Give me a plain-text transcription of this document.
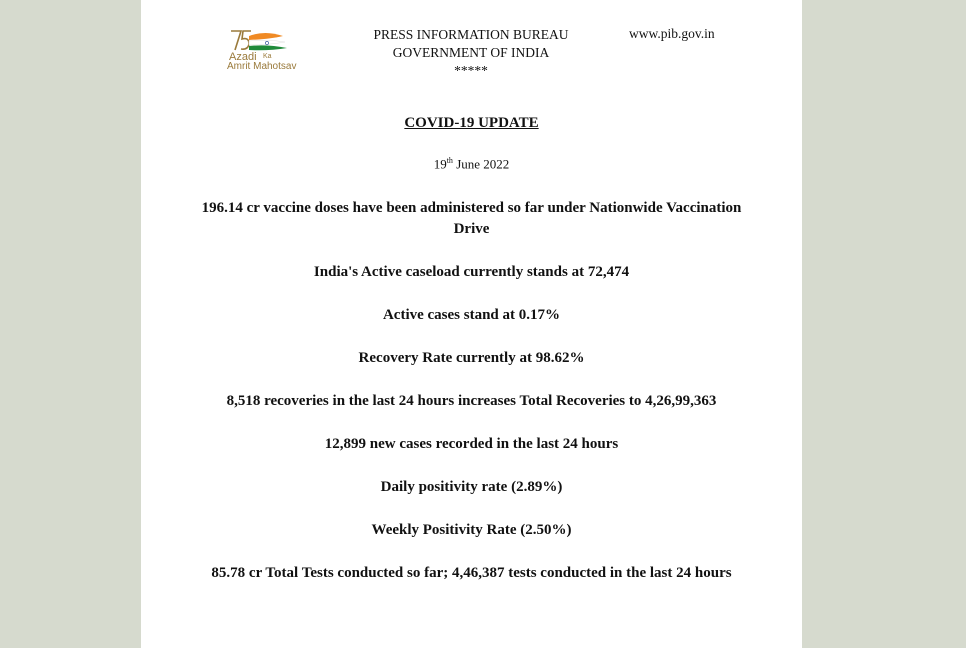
Azadi Ka
Amrit Mahotsav
PRESS INFORMATION BUREAU
GOVERNMENT OF INDIA
*****
www.pib.gov.in
COVID-19 UPDATE
19th June 2022
196.14 cr vaccine doses have been administered so far under Nationwide Vaccination Drive
India's Active caseload currently stands at 72,474
Active cases stand at 0.17%
Recovery Rate currently at 98.62%
8,518 recoveries in the last 24 hours increases Total Recoveries to 4,26,99,363
12,899 new cases recorded in the last 24 hours
Daily positivity rate (2.89%)
Weekly Positivity Rate (2.50%)
85.78 cr Total Tests conducted so far; 4,46,387 tests conducted in the last 24 hours
